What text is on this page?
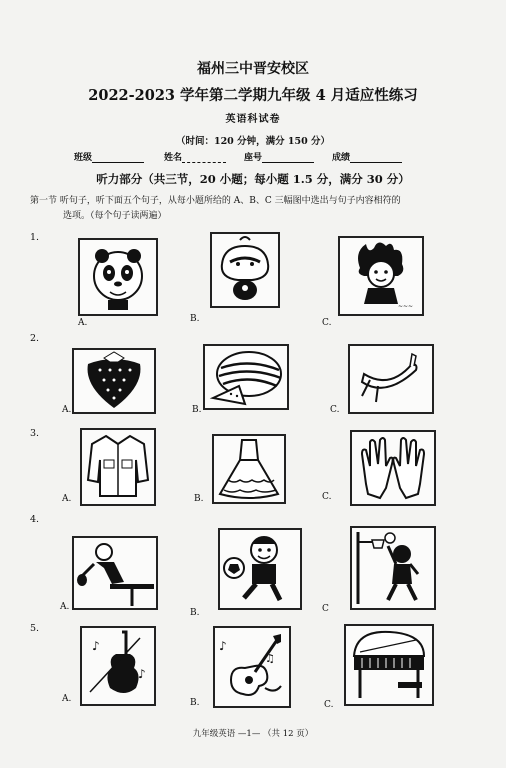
福州三中晋安校区
2022-2023 学年第二学期九年级 4 月适应性练习
英语科试卷
（时间：120 分钟，满分 150 分）
班级	姓名	座号	成绩
听力部分（共三节，20 小题；每小题 1.5 分，满分 30 分）
第一节 听句子，听下面五个句子，从每小题所给的 A、B、C 三幅图中选出与句子内容相符的
选项。（每个句子读两遍）
1.
A.	B.
~~~
C.
2.
A.	B.	C.
3.
A.	B.	C.
4.
A.
B.	C
5.
♪
♪
A.
♪
♫
B.	C.
九年级英语 —1— （共 12 页）
